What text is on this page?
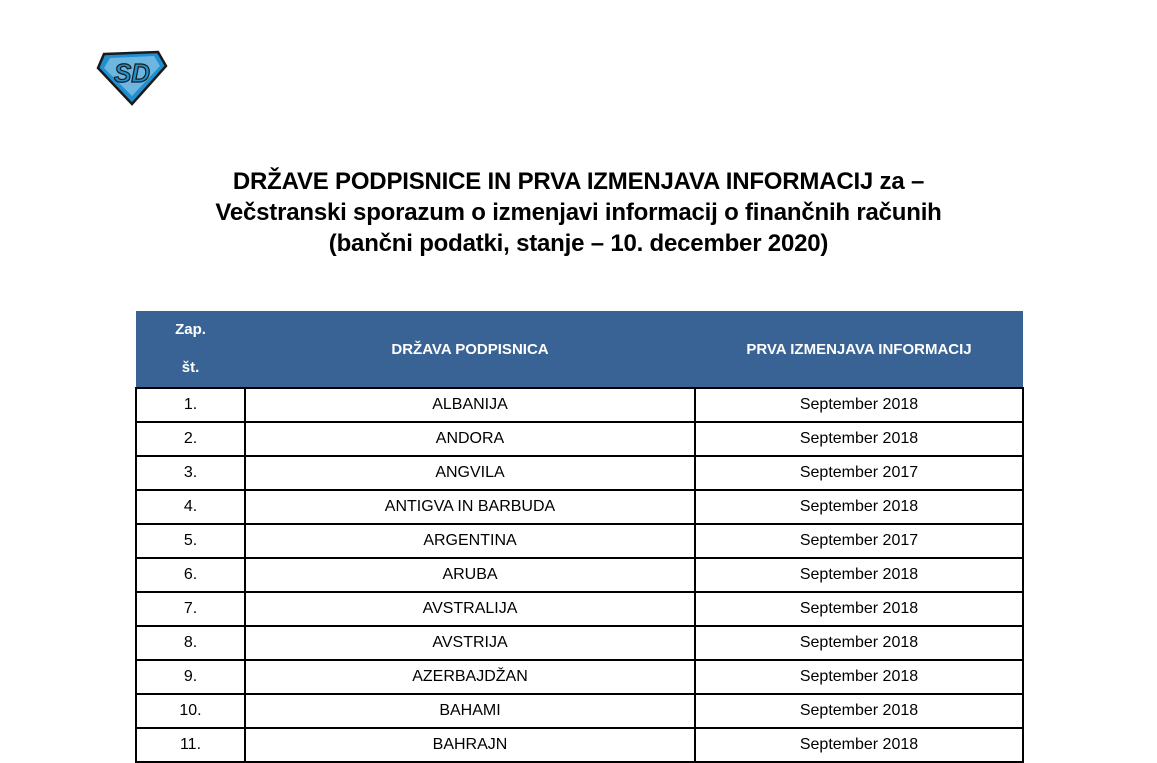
SD
DRŽAVE PODPISNICE IN PRVA IZMENJAVA INFORMACIJ za –
Večstranski sporazum o izmenjavi informacij o finančnih računih
(bančni podatki, stanje – 10. december 2020)
Zap.
št.	DRŽAVA PODPISNICA	PRVA IZMENJAVA INFORMACIJ
1.	ALBANIJA	September 2018
2.	ANDORA	September 2018
3.	ANGVILA	September 2017
4.	ANTIGVA IN BARBUDA	September 2018
5.	ARGENTINA	September 2017
6.	ARUBA	September 2018
7.	AVSTRALIJA	September 2018
8.	AVSTRIJA	September 2018
9.	AZERBAJDŽAN	September 2018
10.	BAHAMI	September 2018
11.	BAHRAJN	September 2018
